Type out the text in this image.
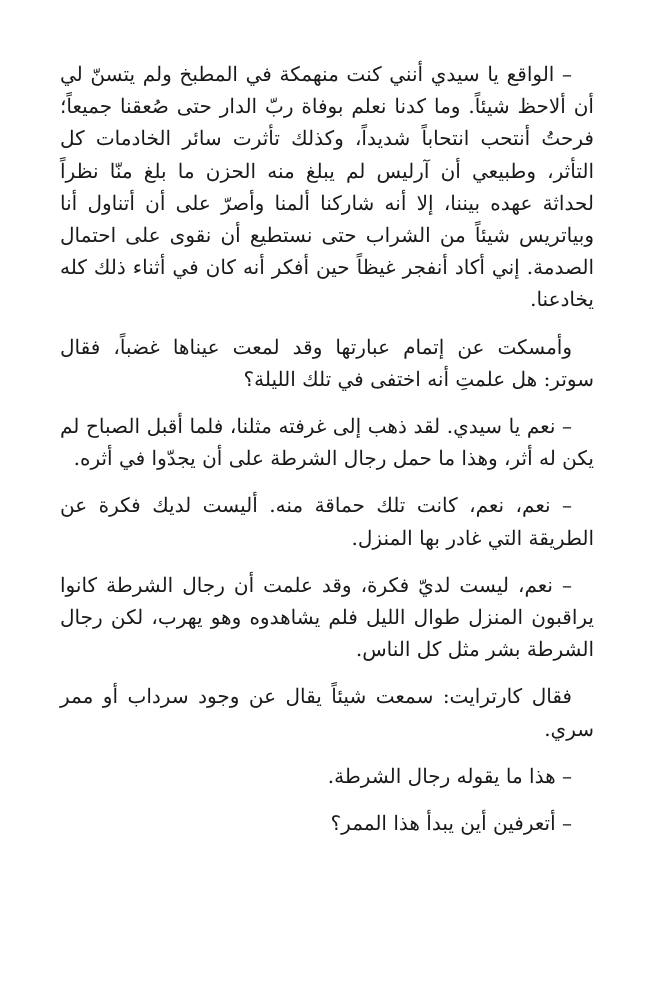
– الواقع يا سيدي أنني كنت منهمكة في المطبخ ولم يتسنّ لي أن ألاحظ شيئاً. وما كدنا نعلم بوفاة ربّ الدار حتى صُعقنا جميعاً؛ فرحتُ أنتحب انتحاباً شديداً، وكذلك تأثرت سائر الخادمات كل التأثر، وطبيعي أن آرليس لم يبلغ منه الحزن ما بلغ منّا نظراً لحداثة عهده بيننا، إلا أنه شاركنا ألمنا وأصرّ على أن أتناول أنا وبياتريس شيئاً من الشراب حتى نستطيع أن نقوى على احتمال الصدمة. إني أكاد أنفجر غيظاً حين أفكر أنه كان في أثناء ذلك كله يخادعنا.

وأمسكت عن إتمام عبارتها وقد لمعت عيناها غضباً، فقال سوتر: هل علمتِ أنه اختفى في تلك الليلة؟

– نعم يا سيدي. لقد ذهب إلى غرفته مثلنا، فلما أقبل الصباح لم يكن له أثر، وهذا ما حمل رجال الشرطة على أن يجدّوا في أثره.

– نعم، نعم، كانت تلك حماقة منه. أليست لديك فكرة عن الطريقة التي غادر بها المنزل.

– نعم، ليست لديّ فكرة، وقد علمت أن رجال الشرطة كانوا يراقبون المنزل طوال الليل فلم يشاهدوه وهو يهرب، لكن رجال الشرطة بشر مثل كل الناس.

فقال كارترايت: سمعت شيئاً يقال عن وجود سرداب أو ممر سري.

– هذا ما يقوله رجال الشرطة.

– أتعرفين أين يبدأ هذا الممر؟
